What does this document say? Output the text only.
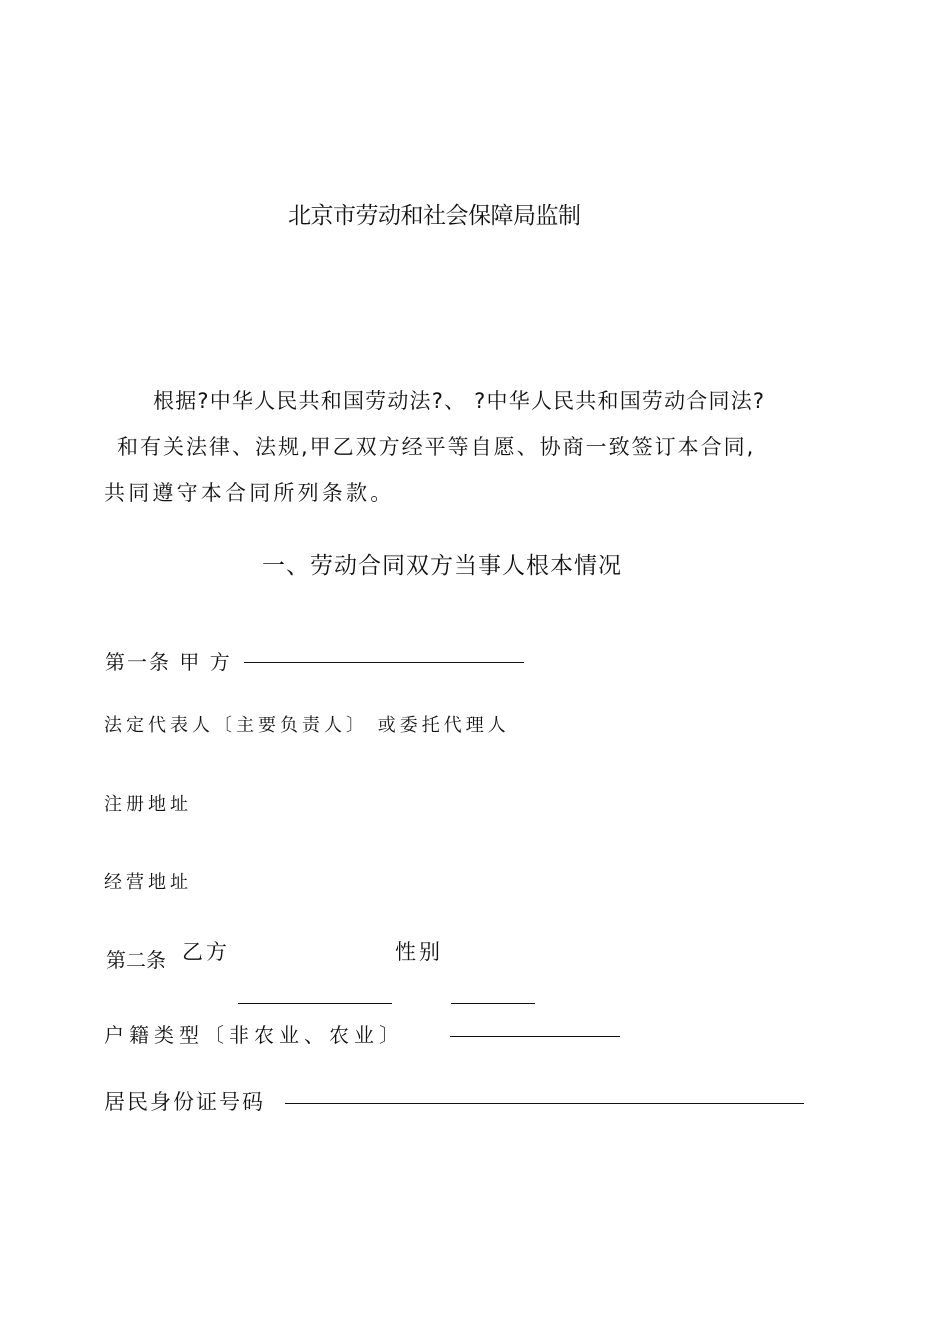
北京市劳动和社会保障局监制
根据?中华人民共和国劳动法?、 ?中华人民共和国劳动合同法?
和有关法律、法规,甲乙双方经平等自愿、协商一致签订本合同,
共同遵守本合同所列条款。
一、劳动合同双方当事人根本情况
第一条 甲 方
法定代表人〔主要负责人〕 或委托代理人
注册地址
经营地址
第二条 乙方	性别
户籍类型〔非农业、农业〕
居民身份证号码
